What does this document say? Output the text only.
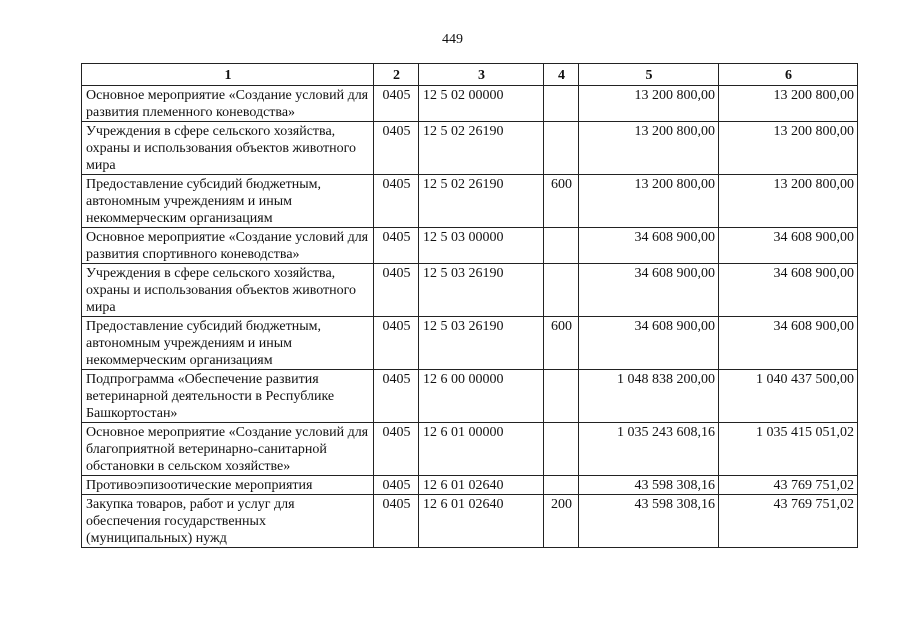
449
1	2	3	4	5	6
Основное мероприятие «Создание условий для развития племенного коневодства»	0405	12 5 02 00000		13 200 800,00	13 200 800,00
Учреждения в сфере сельского хозяйства, охраны и использования объектов животного мира	0405	12 5 02 26190		13 200 800,00	13 200 800,00
Предоставление субсидий бюджетным, автономным учреждениям и иным некоммерческим организациям	0405	12 5 02 26190	600	13 200 800,00	13 200 800,00
Основное мероприятие «Создание условий для развития спортивного коневодства»	0405	12 5 03 00000		34 608 900,00	34 608 900,00
Учреждения в сфере сельского хозяйства, охраны и использования объектов животного мира	0405	12 5 03 26190		34 608 900,00	34 608 900,00
Предоставление субсидий бюджетным, автономным учреждениям и иным некоммерческим организациям	0405	12 5 03 26190	600	34 608 900,00	34 608 900,00
Подпрограмма «Обеспечение развития ветеринарной деятельности в Республике Башкортостан»	0405	12 6 00 00000		1 048 838 200,00	1 040 437 500,00
Основное мероприятие «Создание условий для благоприятной ветеринарно-санитарной обстановки в сельском хозяйстве»	0405	12 6 01 00000		1 035 243 608,16	1 035 415 051,02
Противоэпизоотические мероприятия	0405	12 6 01 02640		43 598 308,16	43 769 751,02
Закупка товаров, работ и услуг для обеспечения государственных (муниципальных) нужд	0405	12 6 01 02640	200	43 598 308,16	43 769 751,02
